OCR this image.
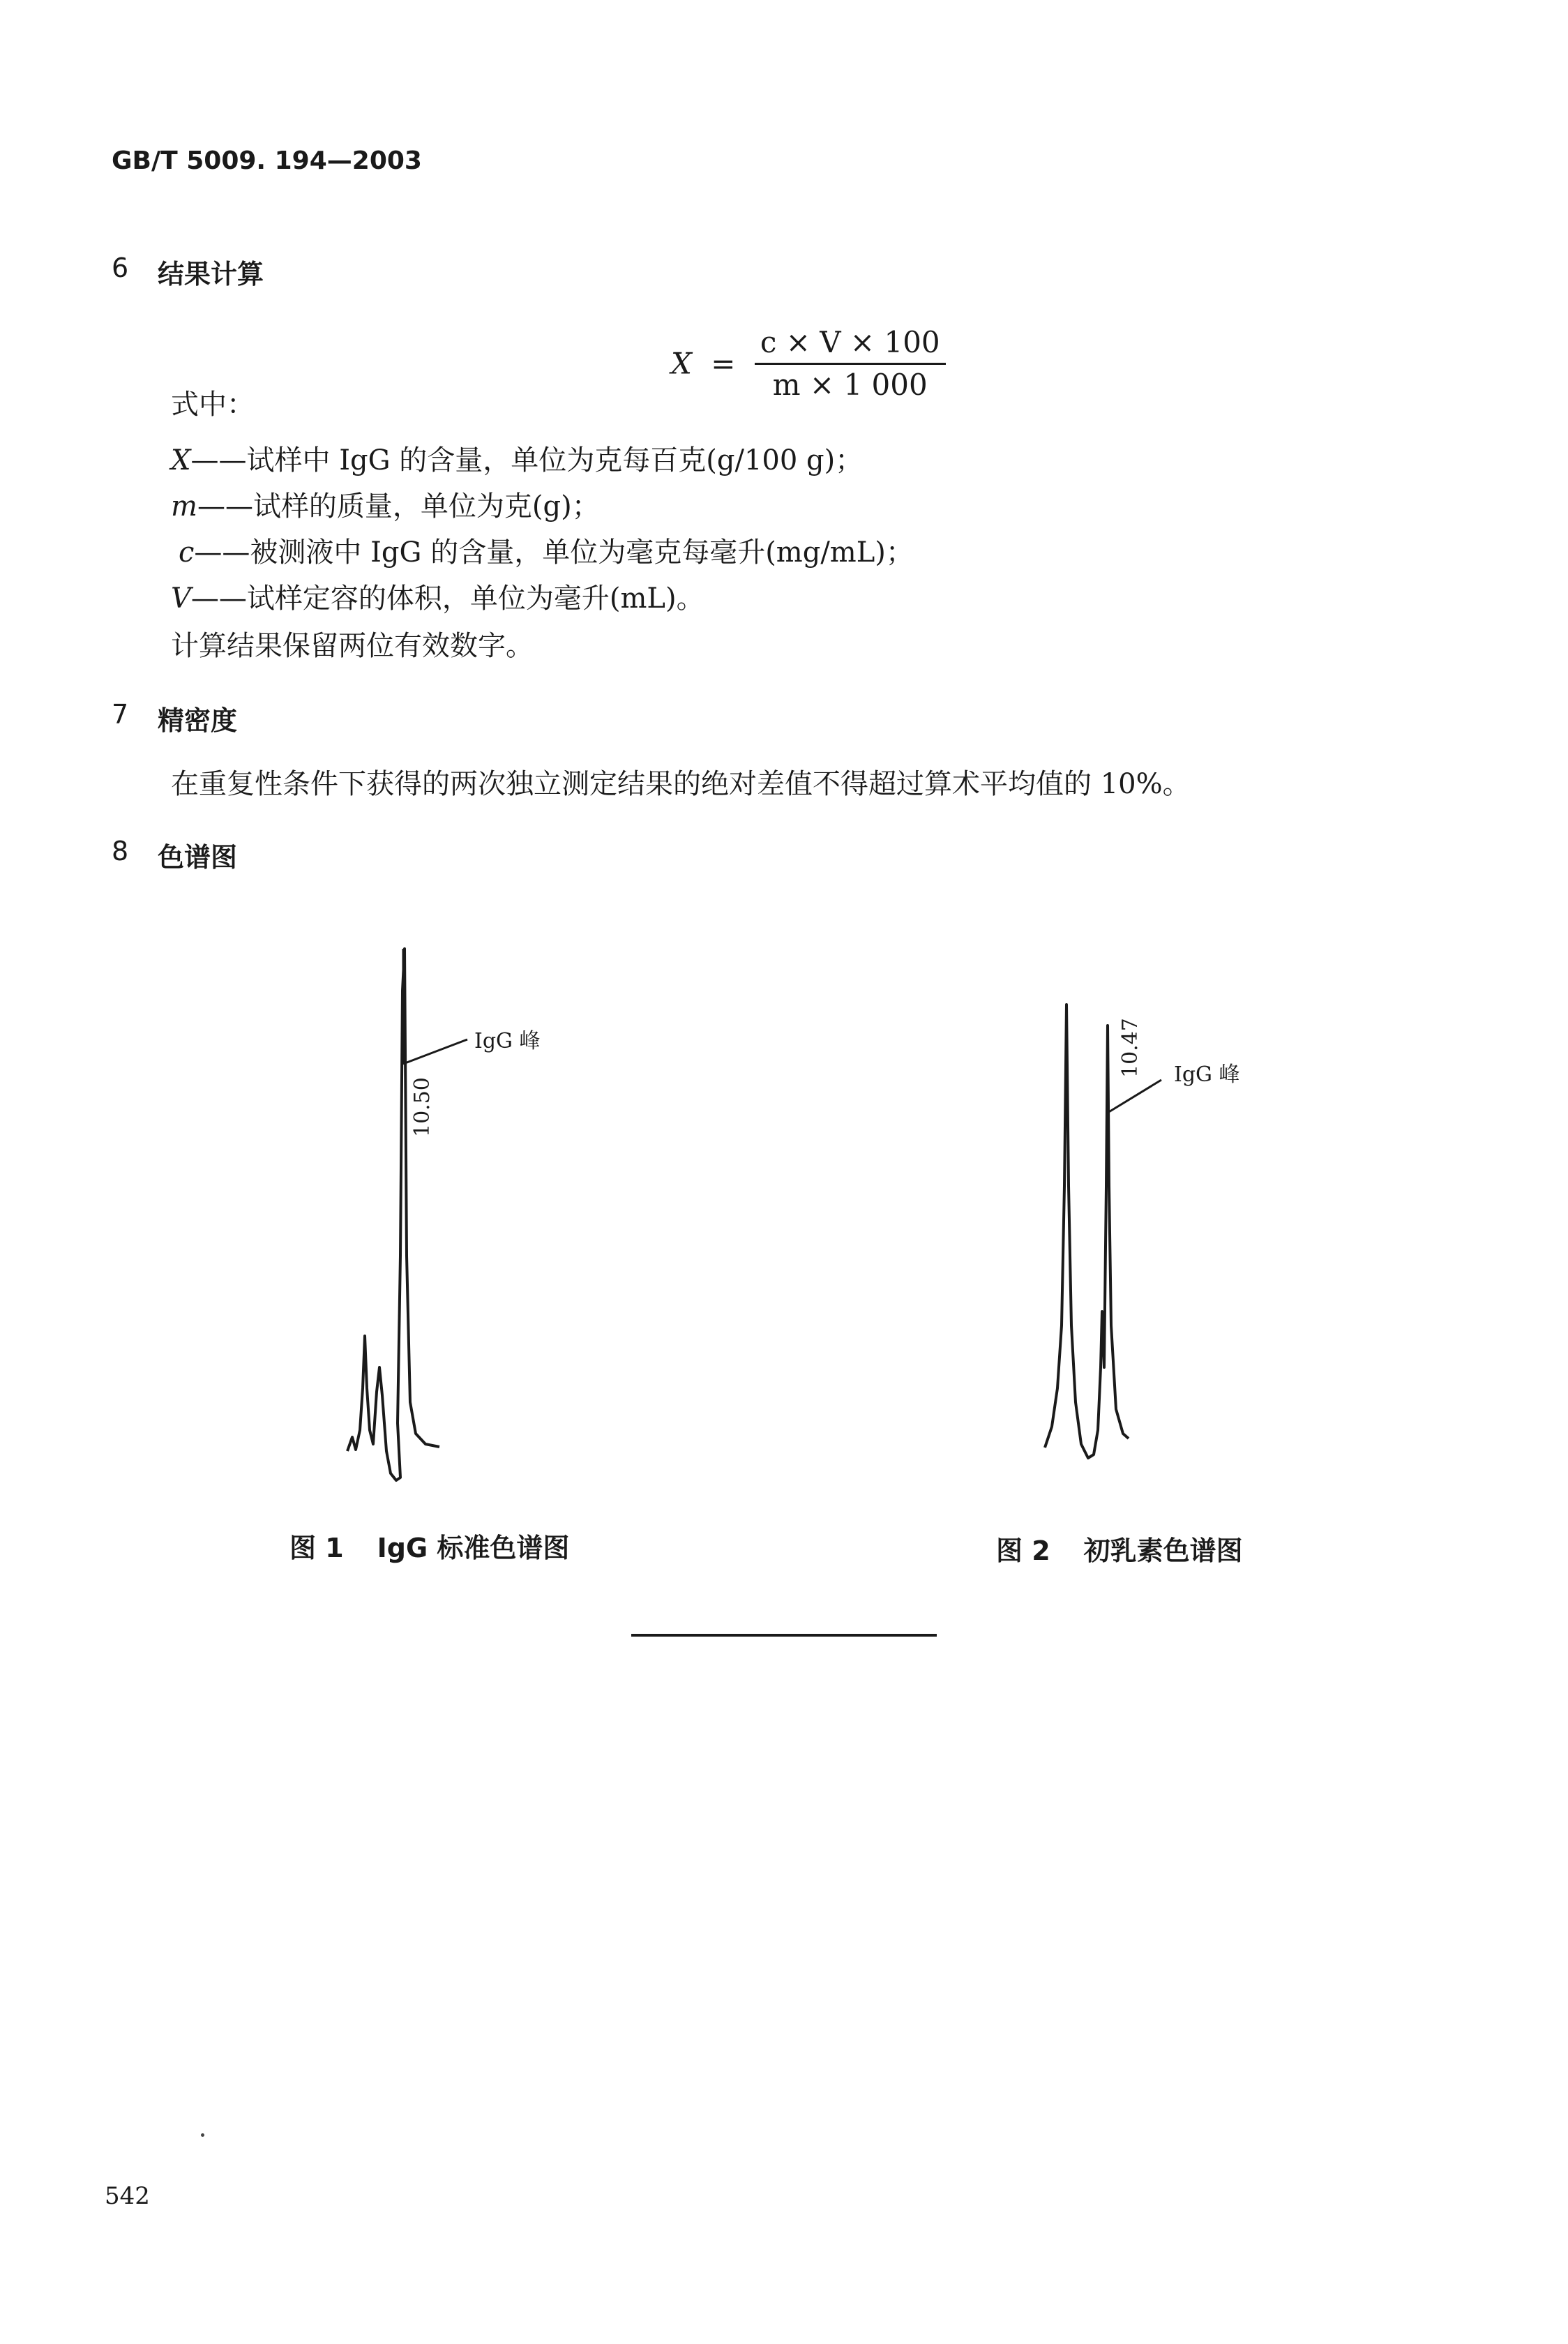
GB/T 5009. 194—2003
6 结果计算
$X = \frac{c \times V \times 100}{m \times 1 000}$
式中：
X——试样中 IgG 的含量，单位为克每百克(g/100 g)；
m——试样的质量，单位为克(g)；
c——被测液中 IgG 的含量，单位为毫克每毫升(mg/mL)；
V——试样定容的体积，单位为毫升(mL)。
计算结果保留两位有效数字。
7 精密度
在重复性条件下获得的两次独立测定结果的绝对差值不得超过算术平均值的 10%。
8 色谱图
10.50
IgG 峰	10.47 IgG 峰
图 1 IgG 标准色谱图	图 2 初乳素色谱图
542
